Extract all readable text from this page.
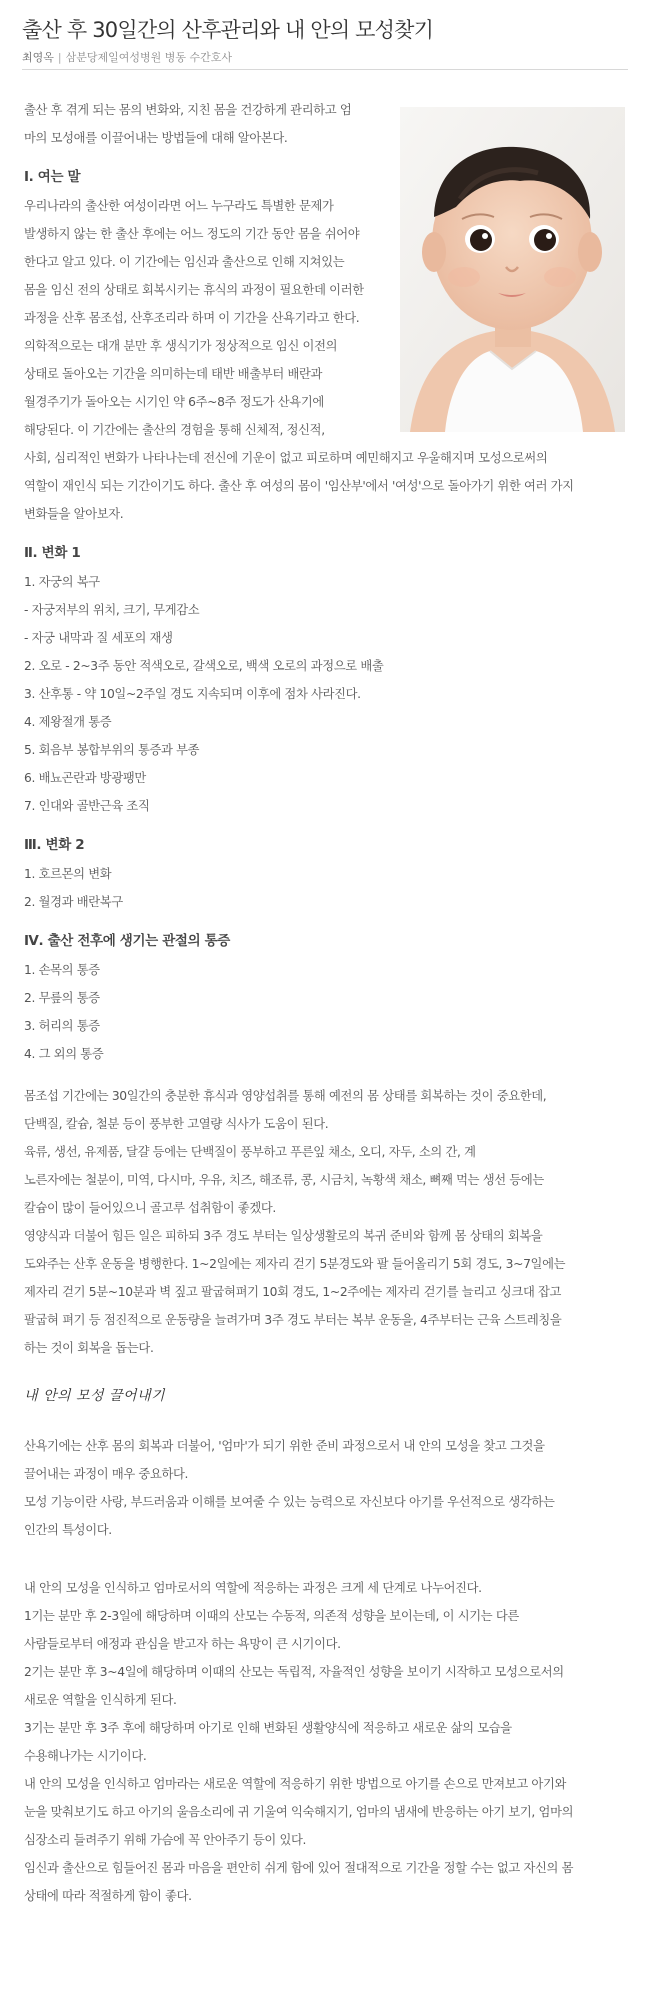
출산 후 30일간의 산후관리와 내 안의 모성찾기
최영옥 | 삼분당제일여성병원 병동 수간호사

출산 후 겪게 되는 몸의 변화와, 지친 몸을 건강하게 관리하고 엄

마의 모성애를 이끌어내는 방법들에 대해 알아본다.

Ⅰ. 여는 말

우리나라의 출산한 여성이라면 어느 누구라도 특별한 문제가

발생하지 않는 한 출산 후에는 어느 정도의 기간 동안 몸을 쉬어야

한다고 알고 있다. 이 기간에는 임신과 출산으로 인해 지쳐있는

몸을 임신 전의 상태로 회복시키는 휴식의 과정이 필요한데 이러한

과정을 산후 몸조섭, 산후조리라 하며 이 기간을 산욕기라고 한다.

의학적으로는 대개 분만 후 생식기가 정상적으로 임신 이전의

상태로 돌아오는 기간을 의미하는데 태반 배출부터 배란과

월경주기가 돌아오는 시기인 약 6주~8주 정도가 산욕기에

해당된다. 이 기간에는 출산의 경험을 통해 신체적, 정신적,

사회, 심리적인 변화가 나타나는데 전신에 기운이 없고 피로하며 예민해지고 우울해지며 모성으로써의

역할이 재인식 되는 기간이기도 하다. 출산 후 여성의 몸이 '임산부'에서 '여성'으로 돌아가기 위한 여러 가지

변화들을 알아보자.

Ⅱ. 변화 1

1. 자궁의 복구

- 자궁저부의 위치, 크기, 무게감소

- 자궁 내막과 질 세포의 재생

2. 오로 - 2~3주 동안 적색오로, 갈색오로, 백색 오로의 과정으로 배출

3. 산후통 - 약 10일~2주일 경도 지속되며 이후에 점차 사라진다.

4. 제왕절개 통증

5. 회음부 봉합부위의 통증과 부종

6. 배뇨곤란과 방광팽만

7. 인대와 골반근육 조직

Ⅲ. 변화 2

1. 호르몬의 변화

2. 월경과 배란복구

Ⅳ. 출산 전후에 생기는 관절의 통증

1. 손목의 통증

2. 무릎의 통증

3. 허리의 통증

4. 그 외의 통증

몸조섭 기간에는 30일간의 충분한 휴식과 영양섭취를 통해 예전의 몸 상태를 회복하는 것이 중요한데,

단백질, 칼슘, 철분 등이 풍부한 고열량 식사가 도움이 된다.

육류, 생선, 유제품, 달걀 등에는 단백질이 풍부하고 푸른잎 채소, 오디, 자두, 소의 간, 계

노른자에는 철분이, 미역, 다시마, 우유, 치즈, 해조류, 콩, 시금치, 녹황색 채소, 뼈째 먹는 생선 등에는

칼슘이 많이 들어있으니 골고루 섭취함이 좋겠다.

영양식과 더불어 힘든 일은 피하되 3주 경도 부터는 일상생활로의 복귀 준비와 함께 몸 상태의 회복을

도와주는 산후 운동을 병행한다. 1~2일에는 제자리 걷기 5분경도와 팔 들어올리기 5회 경도, 3~7일에는

제자리 걷기 5분~10분과 벽 짚고 팔굽혀펴기 10회 경도, 1~2주에는 제자리 걷기를 늘리고 싱크대 잡고

팔굽혀 펴기 등 점진적으로 운동량을 늘려가며 3주 경도 부터는 복부 운동을, 4주부터는 근육 스트레칭을

하는 것이 회복을 돕는다.

내 안의 모성 끌어내기

산욕기에는 산후 몸의 회복과 더불어, '엄마'가 되기 위한 준비 과정으로서 내 안의 모성을 찾고 그것을

끌어내는 과정이 매우 중요하다.

모성 기능이란 사랑, 부드러움과 이해를 보여줄 수 있는 능력으로 자신보다 아기를 우선적으로 생각하는

인간의 특성이다.

내 안의 모성을 인식하고 엄마로서의 역할에 적응하는 과정은 크게 세 단계로 나누어진다.

1기는 분만 후 2-3일에 해당하며 이때의 산모는 수동적, 의존적 성향을 보이는데, 이 시기는 다른

사람들로부터 애정과 관심을 받고자 하는 욕망이 큰 시기이다.

2기는 분만 후 3~4일에 해당하며 이때의 산모는 독립적, 자율적인 성향을 보이기 시작하고 모성으로서의

새로운 역할을 인식하게 된다.

3기는 분만 후 3주 후에 해당하며 아기로 인해 변화된 생활양식에 적응하고 새로운 삶의 모습을

수용해나가는 시기이다.

내 안의 모성을 인식하고 엄마라는 새로운 역할에 적응하기 위한 방법으로 아기를 손으로 만져보고 아기와

눈을 맞춰보기도 하고 아기의 울음소리에 귀 기울여 익숙해지기, 엄마의 냄새에 반응하는 아기 보기, 엄마의

심장소리 들려주기 위해 가슴에 꼭 안아주기 등이 있다.

임신과 출산으로 힘들어진 몸과 마음을 편안히 쉬게 함에 있어 절대적으로 기간을 정할 수는 없고 자신의 몸

상태에 따라 적절하게 함이 좋다.
